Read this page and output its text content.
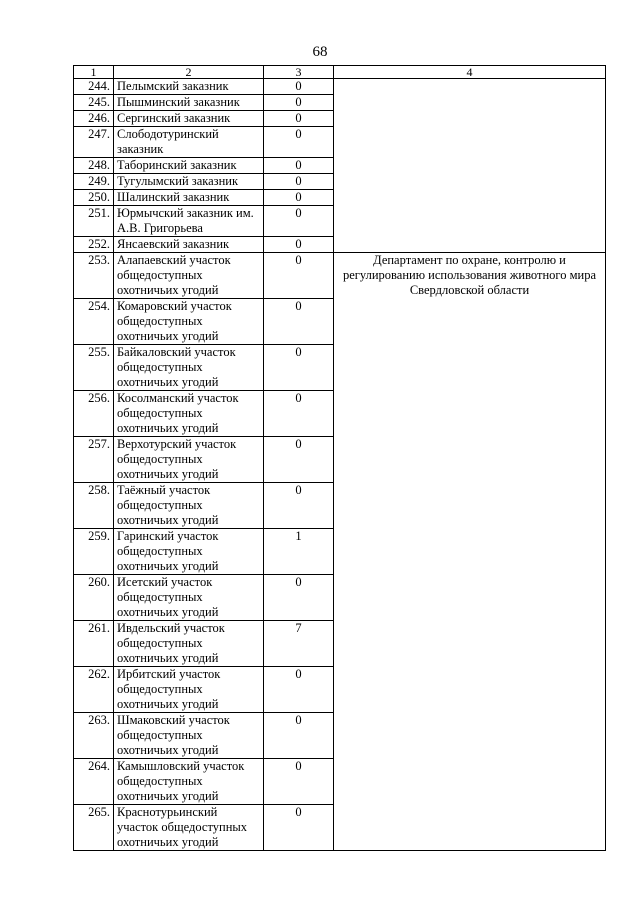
68
1	2	3	4
244.	Пелымский заказник	0	
245.	Пышминский заказник	0	
246.	Сергинский заказник	0	
247.	Слободотуринский заказник	0	
248.	Таборинский заказник	0	
249.	Тугулымский заказник	0	
250.	Шалинский заказник	0	
251.	Юрмычский заказник им. А.В. Григорьева	0	
252.	Янсаевский заказник	0	
253.	Алапаевский участок общедоступных охотничьих угодий	0	Департамент по охране, контролю и регулированию использования животного мира Свердловской области

254.	Комаровский участок общедоступных охотничьих угодий	0	
255.	Байкаловский участок общедоступных охотничьих угодий	0	
256.	Косолманский участок общедоступных охотничьих угодий	0	
257.	Верхотурский участок общедоступных охотничьих угодий	0	
258.	Таёжный участок общедоступных охотничьих угодий	0	
259.	Гаринский участок общедоступных охотничьих угодий	1	
260.	Исетский участок общедоступных охотничьих угодий	0	
261.	Ивдельский участок общедоступных охотничьих угодий	7	
262.	Ирбитский участок общедоступных охотничьих угодий	0	
263.	Шмаковский участок общедоступных охотничьих угодий	0	
264.	Камышловский участок общедоступных охотничьих угодий	0	
265.	Краснотурьинский участок общедоступных охотничьих угодий	0	
